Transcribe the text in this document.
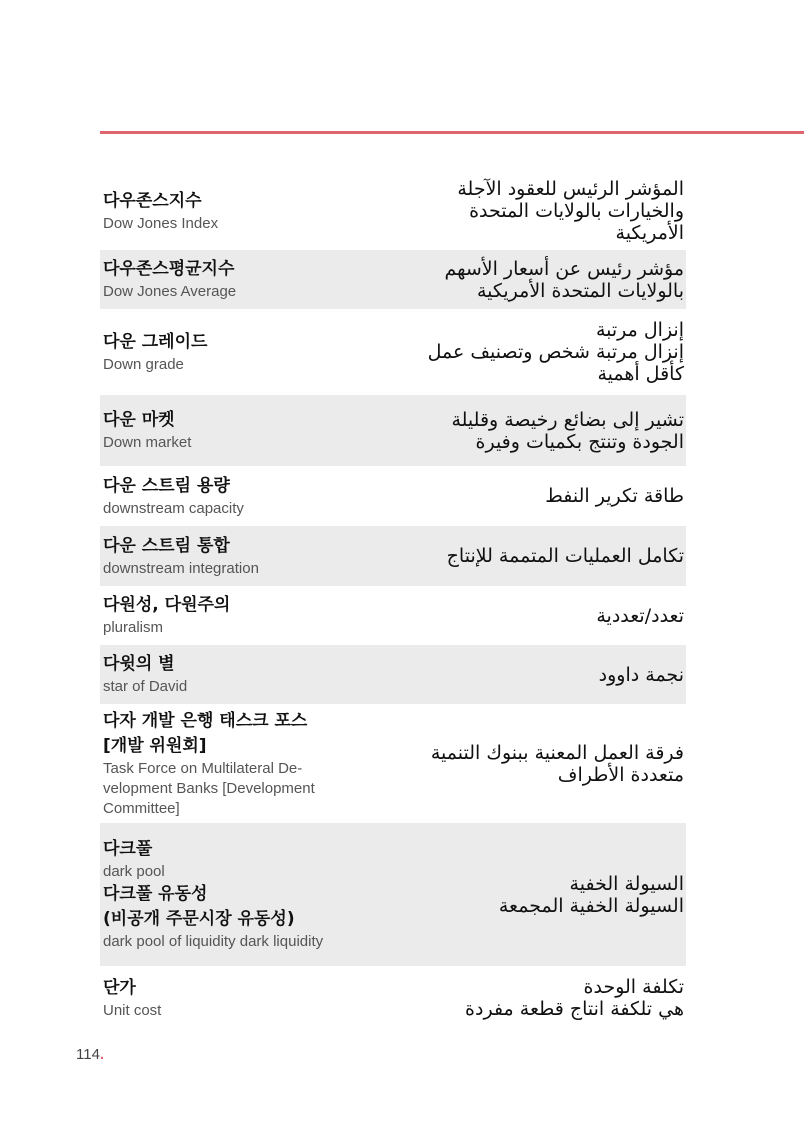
다우존스지수
Dow Jones Index
المؤشر الرئيس للعقود الآجلة
والخيارات بالولايات المتحدة
الأمريكية
다우존스평균지수
Dow Jones Average
مؤشر رئيس عن أسعار الأسهم
بالولايات المتحدة الأمريكية
다운 그레이드
Down grade
إنزال مرتبة
إنزال مرتبة شخص وتصنيف عمل
كأقل أهمية
다운 마켓
Down market
تشير إلى بضائع رخيصة وقليلة
الجودة وتنتج بكميات وفيرة
다운 스트림 용량
downstream capacity
طاقة تكرير النفط
다운 스트림 통합
downstream integration
تكامل العمليات المتممة للإنتاج
다원성, 다원주의
pluralism
تعدد/تعددية
다윗의 별
star of David
نجمة داوود
다자 개발 은행 태스크 포스
[개발 위원회]
Task Force on Multilateral De-velopment Banks [Development Committee]
فرقة العمل المعنية ببنوك التنمية
متعددة الأطراف
다크풀
dark pool
다크풀 유동성
(비공개 주문시장 유동성)
dark pool of liquidity dark liquidity
السيولة الخفية
السيولة الخفية المجمعة
단가
Unit cost
تكلفة الوحدة
هي تلكفة انتاج قطعة مفردة
114.
